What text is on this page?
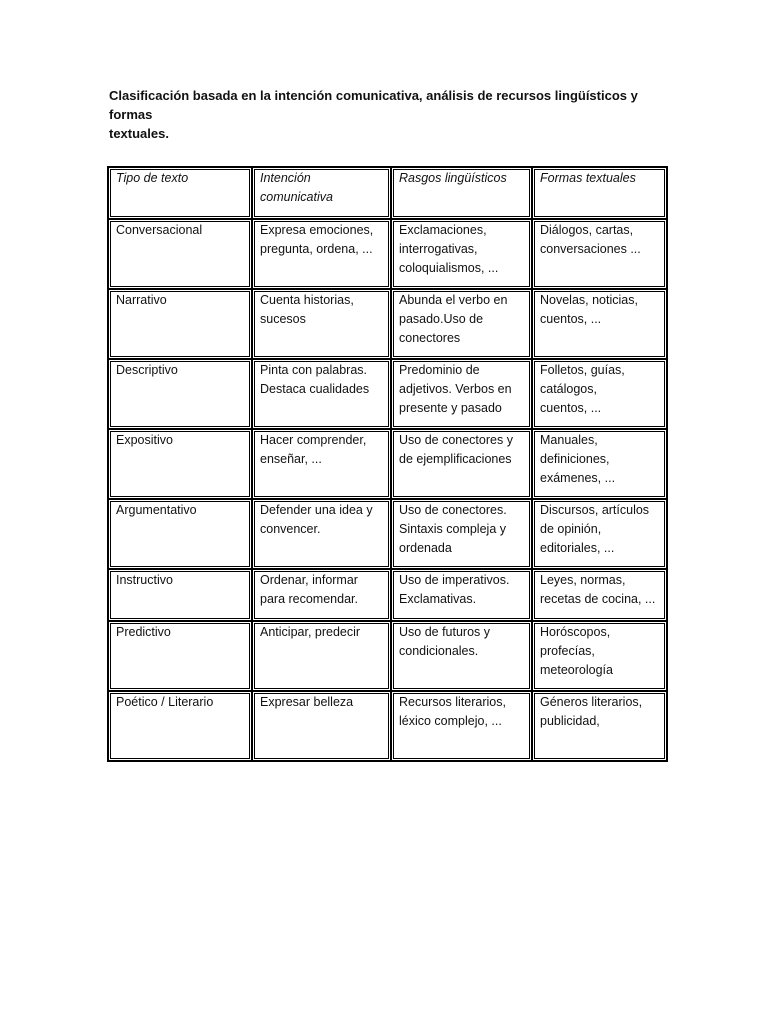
Clasificación basada en la intención comunicativa, análisis de recursos lingüísticos y formas
textuales.
Tipo de texto	Intención
comunicativa	Rasgos lingüísticos	Formas textuales

Conversacional	Expresa emociones,
pregunta, ordena, ...	Exclamaciones,
interrogativas,
coloquialismos, ...	Diálogos, cartas,
conversaciones ...

Narrativo	Cuenta historias,
sucesos	Abunda el verbo en
pasado.Uso de
conectores	Novelas, noticias,
cuentos, ...

Descriptivo	Pinta con palabras.
Destaca cualidades	Predominio de
adjetivos. Verbos en
presente y pasado	Folletos, guías,
catálogos,
cuentos, ...

Expositivo	Hacer comprender,
enseñar, ...	Uso de conectores y
de ejemplificaciones	Manuales,
definiciones,
exámenes, ...

Argumentativo	Defender una idea y
convencer.	Uso de conectores.
Sintaxis compleja y
ordenada	Discursos, artículos
de opinión,
editoriales, ...

Instructivo	Ordenar, informar
para recomendar.	Uso de imperativos.
Exclamativas.	Leyes, normas,
recetas de cocina, ...

Predictivo	Anticipar, predecir	Uso de futuros y
condicionales.	Horóscopos,
profecías,
meteorología

Poético / Literario	Expresar belleza	Recursos literarios,
léxico complejo, ...	Géneros literarios,
publicidad,
